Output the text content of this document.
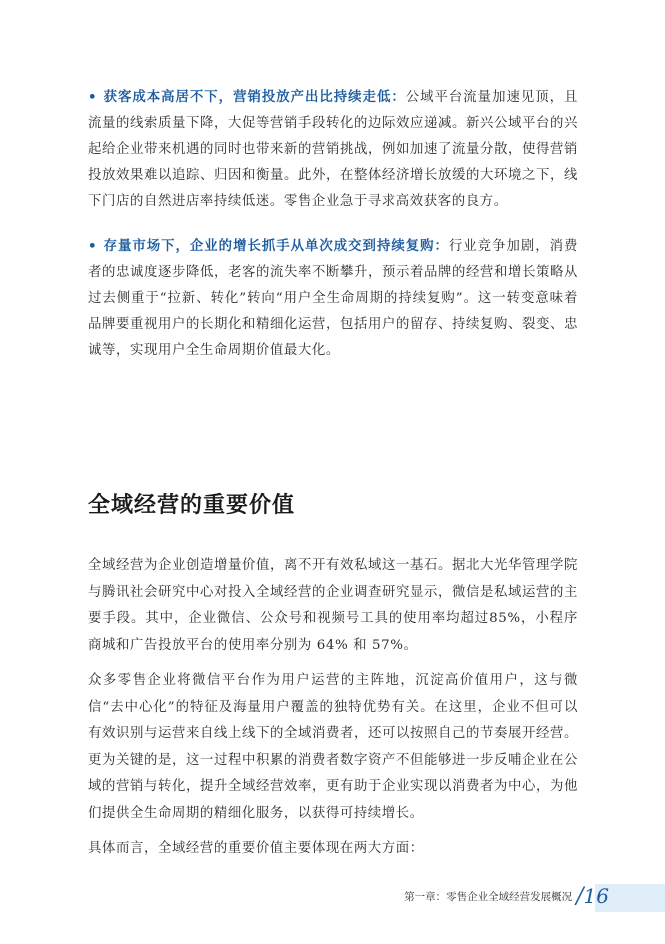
• 获客成本高居不下，营销投放产出比持续走低：公域平台流量加速见顶，且流量的线索质量下降，大促等营销手段转化的边际效应递减。新兴公域平台的兴起给企业带来机遇的同时也带来新的营销挑战，例如加速了流量分散，使得营销投放效果难以追踪、归因和衡量。此外，在整体经济增长放缓的大环境之下，线下门店的自然进店率持续低迷。零售企业急于寻求高效获客的良方。

• 存量市场下，企业的增长抓手从单次成交到持续复购：行业竞争加剧，消费者的忠诚度逐步降低，老客的流失率不断攀升，预示着品牌的经营和增长策略从过去侧重于“拉新、转化”转向“用户全生命周期的持续复购”。这一转变意味着品牌要重视用户的长期化和精细化运营，包括用户的留存、持续复购、裂变、忠诚等，实现用户全生命周期价值最大化。

全域经营的重要价值

全域经营为企业创造增量价值，离不开有效私域这一基石。据北大光华管理学院与腾讯社会研究中心对投入全域经营的企业调查研究显示，微信是私域运营的主要手段。其中，企业微信、公众号和视频号工具的使用率均超过85%，小程序商城和广告投放平台的使用率分别为 64% 和 57%。

众多零售企业将微信平台作为用户运营的主阵地，沉淀高价值用户，这与微信“去中心化”的特征及海量用户覆盖的独特优势有关。在这里，企业不但可以有效识别与运营来自线上线下的全域消费者，还可以按照自己的节奏展开经营。更为关键的是，这一过程中积累的消费者数字资产不但能够进一步反哺企业在公域的营销与转化，提升全域经营效率，更有助于企业实现以消费者为中心，为他们提供全生命周期的精细化服务，以获得可持续增长。

具体而言，全域经营的重要价值主要体现在两大方面：

第一章：零售企业全域经营发展概况 / 16
